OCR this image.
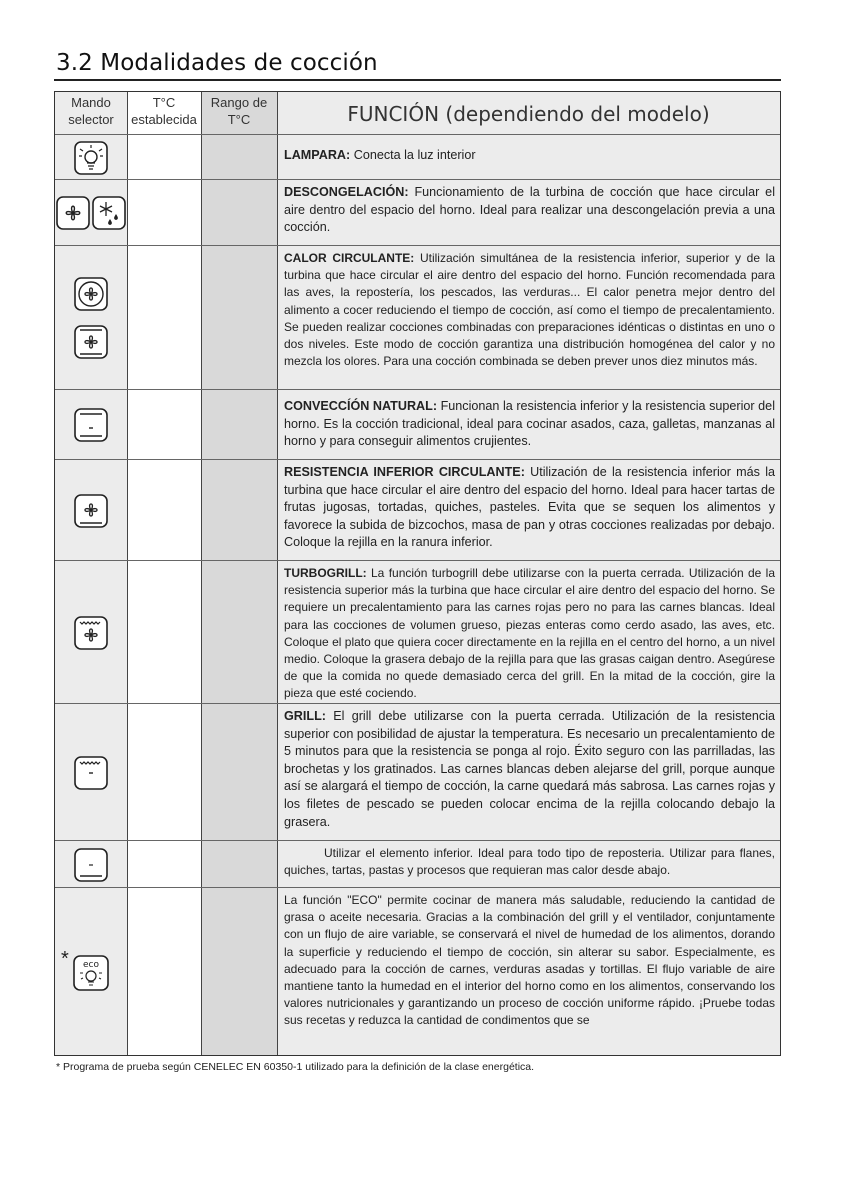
3.2 Modalidades de cocción
Mando selector
T°C establecida
Rango de T°C	FUNCIÓN (dependiendo del modelo)
LAMPARA: Conecta la luz interior
DESCONGELACIÓN: Funcionamiento de la turbina de cocción que hace circular el aire dentro del espacio del horno. Ideal para realizar una descongelación previa a una cocción.
CALOR CIRCULANTE: Utilización simultánea de la resistencia inferior, superior y de la turbina que hace circular el aire dentro del espacio del horno. Función recomendada para las aves, la repostería, los pescados, las verduras... El calor penetra mejor dentro del alimento a cocer reduciendo el tiempo de cocción, así como el tiempo de precalentamiento. Se pueden realizar cocciones combinadas con preparaciones idénticas o distintas en uno o dos niveles. Este modo de cocción garantiza una distribución homogénea del calor y no mezcla los olores. Para una cocción combinada se deben prever unos diez minutos más.
CONVECCÍÓN NATURAL: Funcionan la resistencia inferior y la resistencia superior del horno. Es la cocción tradicional, ideal para cocinar asados, caza, galletas, manzanas al horno y para conseguir alimentos crujientes.
RESISTENCIA INFERIOR CIRCULANTE: Utilización de la resistencia inferior más la turbina que hace circular el aire dentro del espacio del horno. Ideal para hacer tartas de frutas jugosas, tortadas, quiches, pasteles. Evita que se sequen los alimentos y favorece la subida de bizcochos, masa de pan y otras cocciones realizadas por debajo. Coloque la rejilla en la ranura inferior.
TURBOGRILL: La función turbogrill debe utilizarse con la puerta cerrada. Utilización de la resistencia superior más la turbina que hace circular el aire dentro del espacio del horno. Se requiere un precalentamiento para las carnes rojas pero no para las carnes blancas. Ideal para las cocciones de volumen grueso, piezas enteras como cerdo asado, las aves, etc. Coloque el plato que quiera cocer directamente en la rejilla en el centro del horno, a un nivel medio. Coloque la grasera debajo de la rejilla para que las grasas caigan dentro. Asegúrese de que la comida no quede demasiado cerca del grill. En la mitad de la cocción, gire la pieza que esté cociendo.
GRILL: El grill debe utilizarse con la puerta cerrada. Utilización de la resistencia superior con posibilidad de ajustar la temperatura. Es necesario un precalentamiento de 5 minutos para que la resistencia se ponga al rojo. Éxito seguro con las parrilladas, las brochetas y los gratinados. Las carnes blancas deben alejarse del grill, porque aunque así se alargará el tiempo de cocción, la carne quedará más sabrosa. Las carnes rojas y los filetes de pescado se pueden colocar encima de la rejilla colocando debajo la grasera.
Utilizar el elemento inferior. Ideal para todo tipo de reposteria. Utilizar para flanes, quiches, tartas, pastas y procesos que requieran mas calor desde abajo.
eco
*
La función "ECO" permite cocinar de manera más saludable, reduciendo la cantidad de grasa o aceite necesaria. Gracias a la combinación del grill y el ventilador, conjuntamente con un flujo de aire variable, se conservará el nivel de humedad de los alimentos, dorando la superficie y reduciendo el tiempo de cocción, sin alterar su sabor. Especialmente, es adecuado para la cocción de carnes, verduras asadas y tortillas. El flujo variable de aire mantiene tanto la humedad en el interior del horno como en los alimentos, conservando los valores nutricionales y garantizando un proceso de cocción uniforme rápido. ¡Pruebe todas sus recetas y reduzca la cantidad de condimentos que se
* Programa de prueba según CENELEC EN 60350-1 utilizado para la definición de la clase energética.
